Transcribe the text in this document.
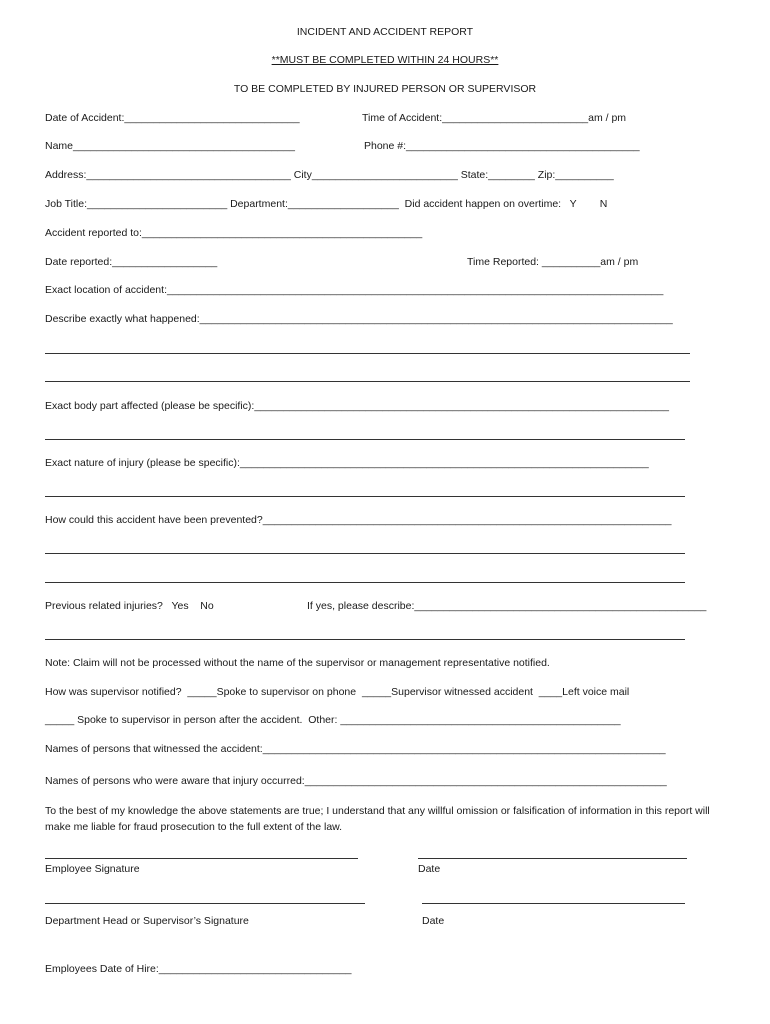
INCIDENT AND ACCIDENT REPORT
**MUST BE COMPLETED WITHIN 24 HOURS**
TO BE COMPLETED BY INJURED PERSON OR SUPERVISOR
Date of Accident:______________________________	Time of Accident:_________________________am / pm
Name______________________________________	Phone #:________________________________________
Address:___________________________________ City_________________________ State:________ Zip:__________
Job Title:________________________ Department:___________________  Did accident happen on overtime:   Y        N
Accident reported to:________________________________________________
Date reported:__________________	Time Reported: __________am / pm
Exact location of accident:_____________________________________________________________________________________
Describe exactly what happened:_________________________________________________________________________________
Exact body part affected (please be specific):_______________________________________________________________________
Exact nature of injury (please be specific):______________________________________________________________________
How could this accident have been prevented?______________________________________________________________________
Previous related injuries?   Yes    No	If yes, please describe:__________________________________________________
Note: Claim will not be processed without the name of the supervisor or management representative notified.
How was supervisor notified?  _____Spoke to supervisor on phone  _____Supervisor witnessed accident  ____Left voice mail
_____ Spoke to supervisor in person after the accident.  Other: ________________________________________________
Names of persons that witnessed the accident:_____________________________________________________________________
Names of persons who were aware that injury occurred:______________________________________________________________
To the best of my knowledge the above statements are true; I understand that any willful omission or falsification of information in this report will make me liable for fraud prosecution to the full extent of the law.
Employee Signature	Date
Department Head or Supervisor’s Signature	Date
Employees Date of Hire:_________________________________
